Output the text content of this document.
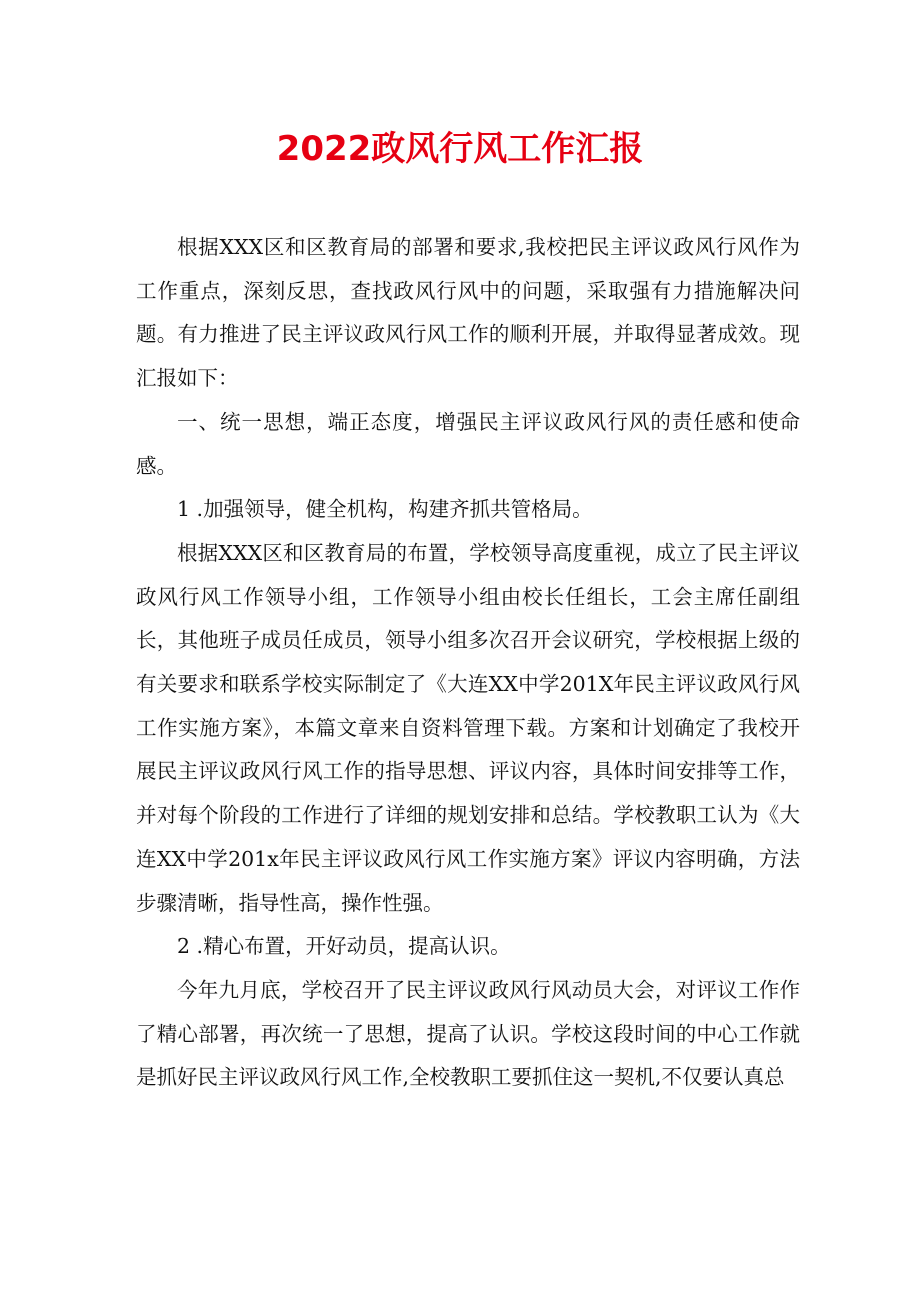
2022政风行风工作汇报

根据XXX区和区教育局的部署和要求,我校把民主评议政风行风作为工作重点，深刻反思，查找政风行风中的问题，采取强有力措施解决问题。有力推进了民主评议政风行风工作的顺利开展，并取得显著成效。现汇报如下：

一、统一思想，端正态度，增强民主评议政风行风的责任感和使命感。

1 .加强领导，健全机构，构建齐抓共管格局。

根据XXX区和区教育局的布置，学校领导高度重视，成立了民主评议政风行风工作领导小组，工作领导小组由校长任组长，工会主席任副组长，其他班子成员任成员，领导小组多次召开会议研究，学校根据上级的有关要求和联系学校实际制定了《大连XX中学201X年民主评议政风行风工作实施方案》，本篇文章来自资料管理下载。方案和计划确定了我校开展民主评议政风行风工作的指导思想、评议内容，具体时间安排等工作，并对每个阶段的工作进行了详细的规划安排和总结。学校教职工认为《大连XX中学201x年民主评议政风行风工作实施方案》评议内容明确，方法步骤清晰，指导性高，操作性强。

2 .精心布置，开好动员，提高认识。

今年九月底，学校召开了民主评议政风行风动员大会，对评议工作作了精心部署，再次统一了思想，提高了认识。学校这段时间的中心工作就是抓好民主评议政风行风工作,全校教职工要抓住这一契机,不仅要认真总
